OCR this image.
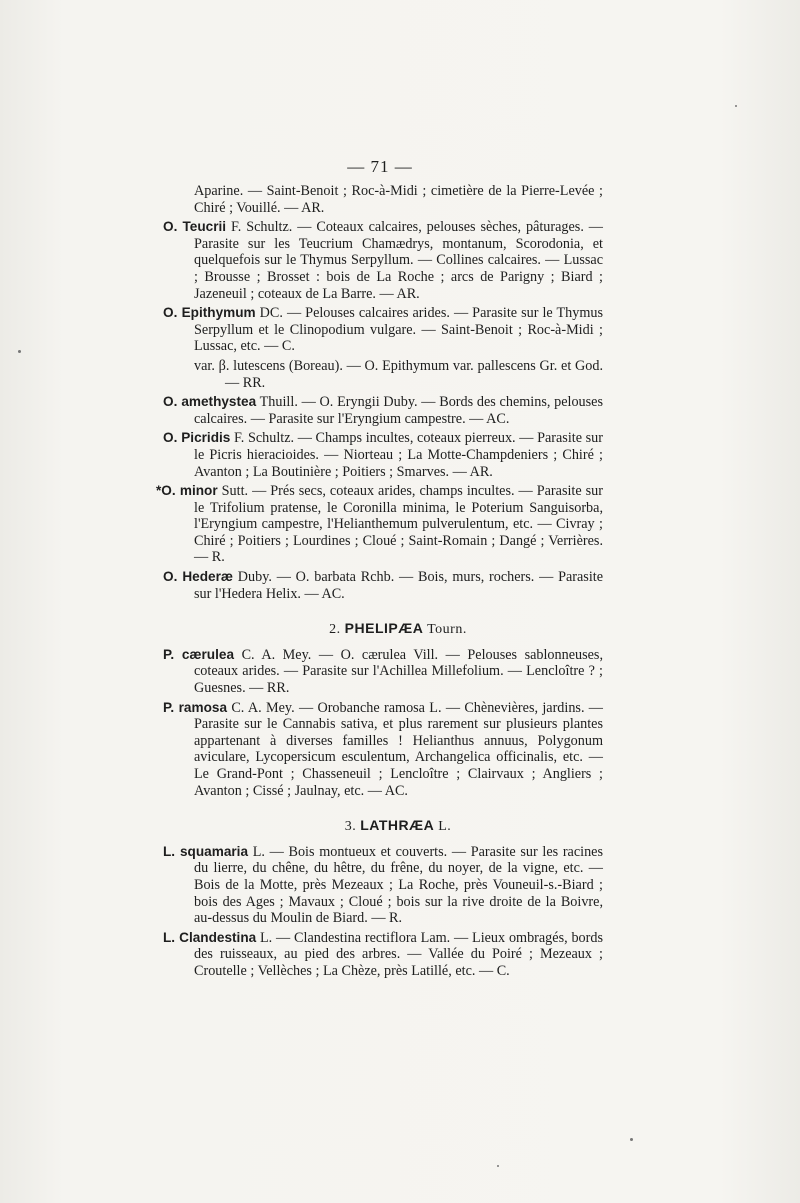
— 71 —

Aparine. — Saint-Benoit ; Roc-à-Midi ; cimetière de la Pierre-Levée ; Chiré ; Vouillé. — AR.

O. Teucrii F. Schultz. — Coteaux calcaires, pelouses sèches, pâturages. — Parasite sur les Teucrium Chamædrys, montanum, Scorodonia, et quelquefois sur le Thymus Serpyllum. — Collines calcaires. — Lussac ; Brousse ; Brosset : bois de La Roche ; arcs de Parigny ; Biard ; Jazeneuil ; coteaux de La Barre. — AR.

O. Epithymum DC. — Pelouses calcaires arides. — Parasite sur le Thymus Serpyllum et le Clinopodium vulgare. — Saint-Benoit ; Roc-à-Midi ; Lussac, etc. — C.

var. β. lutescens (Boreau). — O. Epithymum var. pallescens Gr. et God. — RR.

O. amethystea Thuill. — O. Eryngii Duby. — Bords des chemins, pelouses calcaires. — Parasite sur l'Eryngium campestre. — AC.

O. Picridis F. Schultz. — Champs incultes, coteaux pierreux. — Parasite sur le Picris hieracioides. — Niorteau ; La Motte-Champdeniers ; Chiré ; Avanton ; La Boutinière ; Poitiers ; Smarves. — AR.

*O. minor Sutt. — Prés secs, coteaux arides, champs incultes. — Parasite sur le Trifolium pratense, le Coronilla minima, le Poterium Sanguisorba, l'Eryngium campestre, l'Helianthemum pulverulentum, etc. — Civray ; Chiré ; Poitiers ; Lourdines ; Cloué ; Saint-Romain ; Dangé ; Verrières. — R.

O. Hederæ Duby. — O. barbata Rchb. — Bois, murs, rochers. — Parasite sur l'Hedera Helix. — AC.

2. PHELIPÆA Tourn.

P. cærulea C. A. Mey. — O. cærulea Vill. — Pelouses sablonneuses, coteaux arides. — Parasite sur l'Achillea Millefolium. — Lencloître ? ; Guesnes. — RR.

P. ramosa C. A. Mey. — Orobanche ramosa L. — Chènevières, jardins. — Parasite sur le Cannabis sativa, et plus rarement sur plusieurs plantes appartenant à diverses familles ! Helianthus annuus, Polygonum aviculare, Lycopersicum esculentum, Archangelica officinalis, etc. — Le Grand-Pont ; Chasseneuil ; Lencloître ; Clairvaux ; Angliers ; Avanton ; Cissé ; Jaulnay, etc. — AC.

3. LATHRÆA L.

L. squamaria L. — Bois montueux et couverts. — Parasite sur les racines du lierre, du chêne, du hêtre, du frêne, du noyer, de la vigne, etc. — Bois de la Motte, près Mezeaux ; La Roche, près Vouneuil-s.-Biard ; bois des Ages ; Mavaux ; Cloué ; bois sur la rive droite de la Boivre, au-dessus du Moulin de Biard. — R.

L. Clandestina L. — Clandestina rectiflora Lam. — Lieux ombragés, bords des ruisseaux, au pied des arbres. — Vallée du Poiré ; Mezeaux ; Croutelle ; Vellèches ; La Chèze, près Latillé, etc. — C.
